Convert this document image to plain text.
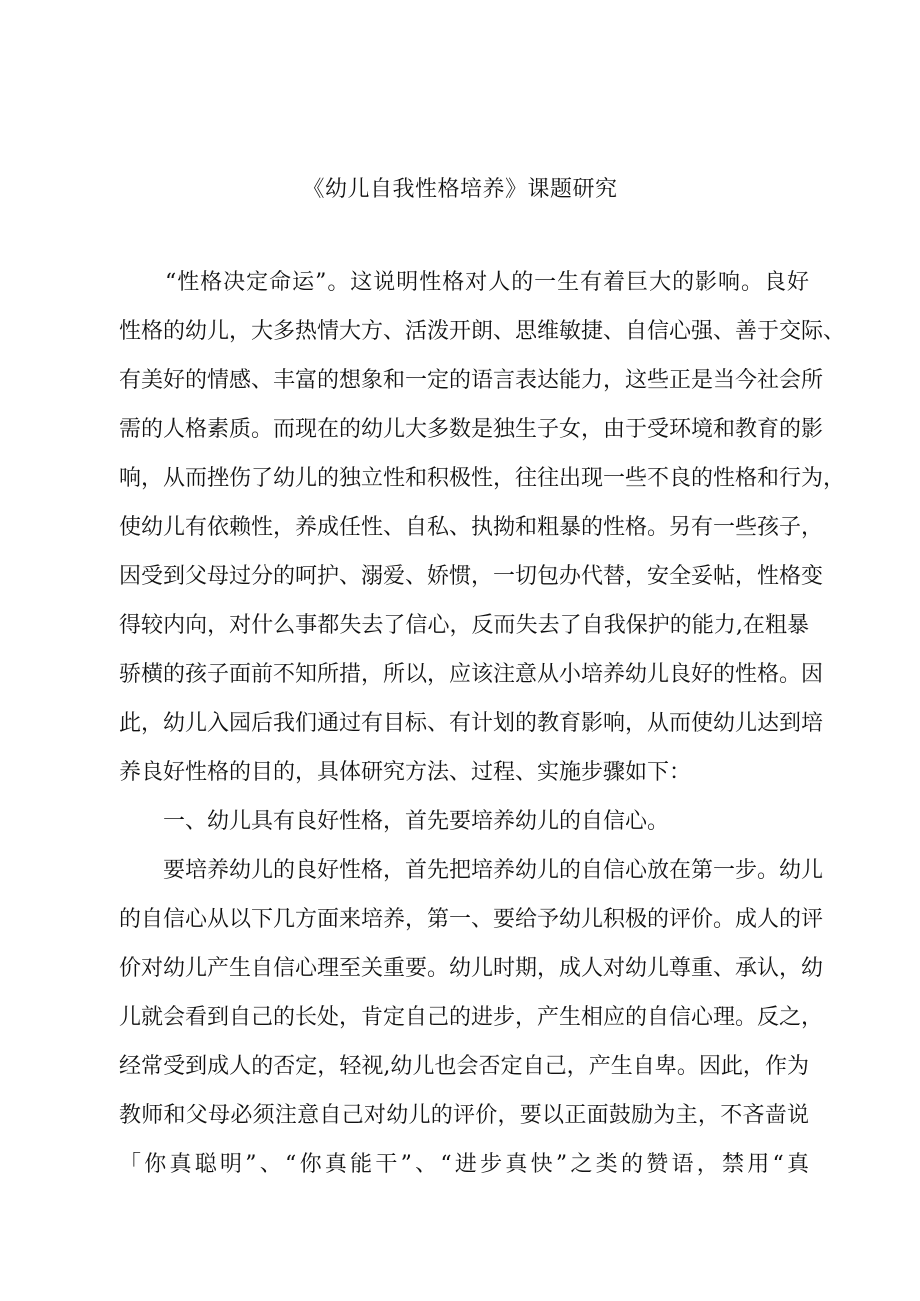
《幼儿自我性格培养》课题研究
　　“性格决定命运”。这说明性格对人的一生有着巨大的影响。良好
性格的幼儿，大多热情大方、活泼开朗、思维敏捷、自信心强、善于交际、
有美好的情感、丰富的想象和一定的语言表达能力，这些正是当今社会所
需的人格素质。而现在的幼儿大多数是独生子女，由于受环境和教育的影
响，从而挫伤了幼儿的独立性和积极性，往往出现一些不良的性格和行为，
使幼儿有依赖性，养成任性、自私、执拗和粗暴的性格。另有一些孩子，
因受到父母过分的呵护、溺爱、娇惯，一切包办代替，安全妥帖，性格变
得较内向，对什么事都失去了信心，反而失去了自我保护的能力,在粗暴
骄横的孩子面前不知所措，所以，应该注意从小培养幼儿良好的性格。因
此，幼儿入园后我们通过有目标、有计划的教育影响，从而使幼儿达到培
养良好性格的目的，具体研究方法、过程、实施步骤如下：
　　一、幼儿具有良好性格，首先要培养幼儿的自信心。
　　要培养幼儿的良好性格，首先把培养幼儿的自信心放在第一步。幼儿
的自信心从以下几方面来培养，第一、要给予幼儿积极的评价。成人的评
价对幼儿产生自信心理至关重要。幼儿时期，成人对幼儿尊重、承认，幼
儿就会看到自己的长处，肯定自己的进步，产生相应的自信心理。反之，
经常受到成人的否定，轻视,幼儿也会否定自己，产生自卑。因此，作为
教师和父母必须注意自己对幼儿的评价，要以正面鼓励为主，不吝啬说
「你真聪明”、“你真能干”、“进步真快”之类的赞语，禁用“真
